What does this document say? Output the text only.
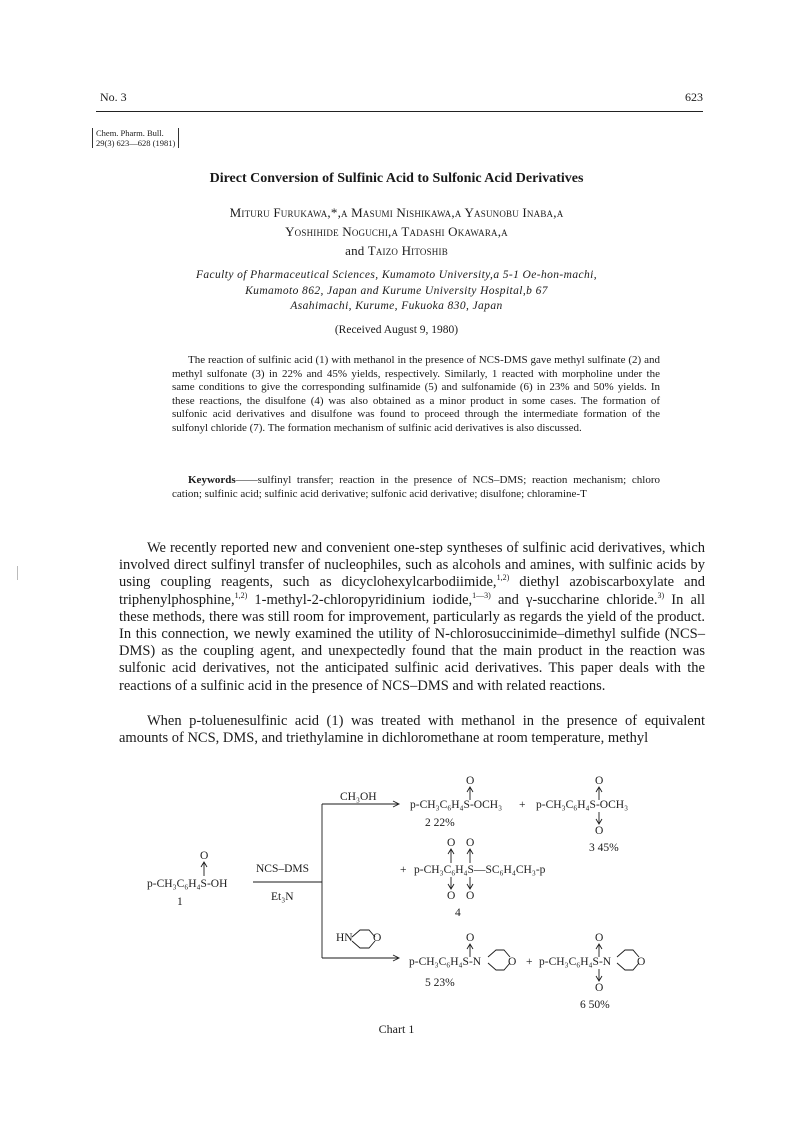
No. 3	623
Chem. Pharm. Bull.
29(3) 623—628 (1981)
Direct Conversion of Sulfinic Acid to Sulfonic Acid Derivatives
Mituru Furukawa,*,a Masumi Nishikawa,a Yasunobu Inaba,a
Yoshihide Noguchi,a Tadashi Okawara,a
and Taizo Hitoshib
Faculty of Pharmaceutical Sciences, Kumamoto University,a 5-1 Oe-hon-machi,
Kumamoto 862, Japan and Kurume University Hospital,b 67
Asahimachi, Kurume, Fukuoka 830, Japan
(Received August 9, 1980)

The reaction of sulfinic acid (1) with methanol in the presence of NCS-DMS gave methyl sulfinate (2) and methyl sulfonate (3) in 22% and 45% yields, respectively. Similarly, 1 reacted with morpholine under the same conditions to give the corresponding sulfinamide (5) and sulfonamide (6) in 23% and 50% yields. In these reactions, the disulfone (4) was also obtained as a minor product in some cases. The formation of sulfonic acid derivatives and disulfone was found to proceed through the intermediate formation of the sulfonyl chloride (7). The formation mechanism of sulfinic acid derivatives is also discussed.

Keywords——sulfinyl transfer; reaction in the presence of NCS–DMS; reaction mechanism; chloro cation; sulfinic acid; sulfinic acid derivative; sulfonic acid derivative; disulfone; chloramine-T

We recently reported new and convenient one-step syntheses of sulfinic acid derivatives, which involved direct sulfinyl transfer of nucleophiles, such as alcohols and amines, with sulfinic acids by using coupling reagents, such as dicyclohexylcarbodiimide,$^{1,2)}$ diethyl azobiscarboxylate and triphenylphosphine,$^{1,2)}$ 1-methyl-2-chloropyridinium iodide,$^{1—3)}$ and γ-succharine chloride.$^{3)}$ In all these methods, there was still room for improvement, particularly as regards the yield of the product. In this connection, we newly examined the utility of N-chlorosuccinimide–dimethyl sulfide (NCS–DMS) as the coupling agent, and unexpectedly found that the main product in the reaction was sulfonic acid derivatives, not the anticipated sulfinic acid derivatives. This paper deals with the reactions of a sulfinic acid in the presence of NCS–DMS and with related reactions.

When p-toluenesulfinic acid (1) was treated with methanol in the presence of equivalent amounts of NCS, DMS, and triethylamine in dichloromethane at room temperature, methyl

O
p-CH₃C₆H₄S-OH
1
NCS–DMS
Et₃N
CH₃OH
O
p-CH₃C₆H₄S-OCH₃
2 22%
+
O
p-CH₃C₆H₄S-OCH₃
O
3 45%
O O
+ p-CH₃C₆H₄S—SC₆H₄CH₃-p
O O
4
HN O	O
p-CH₃C₆H₄S-N O
5 23%
+
O
p-CH₃C₆H₄S-N O
O
6 50%
Chart 1
